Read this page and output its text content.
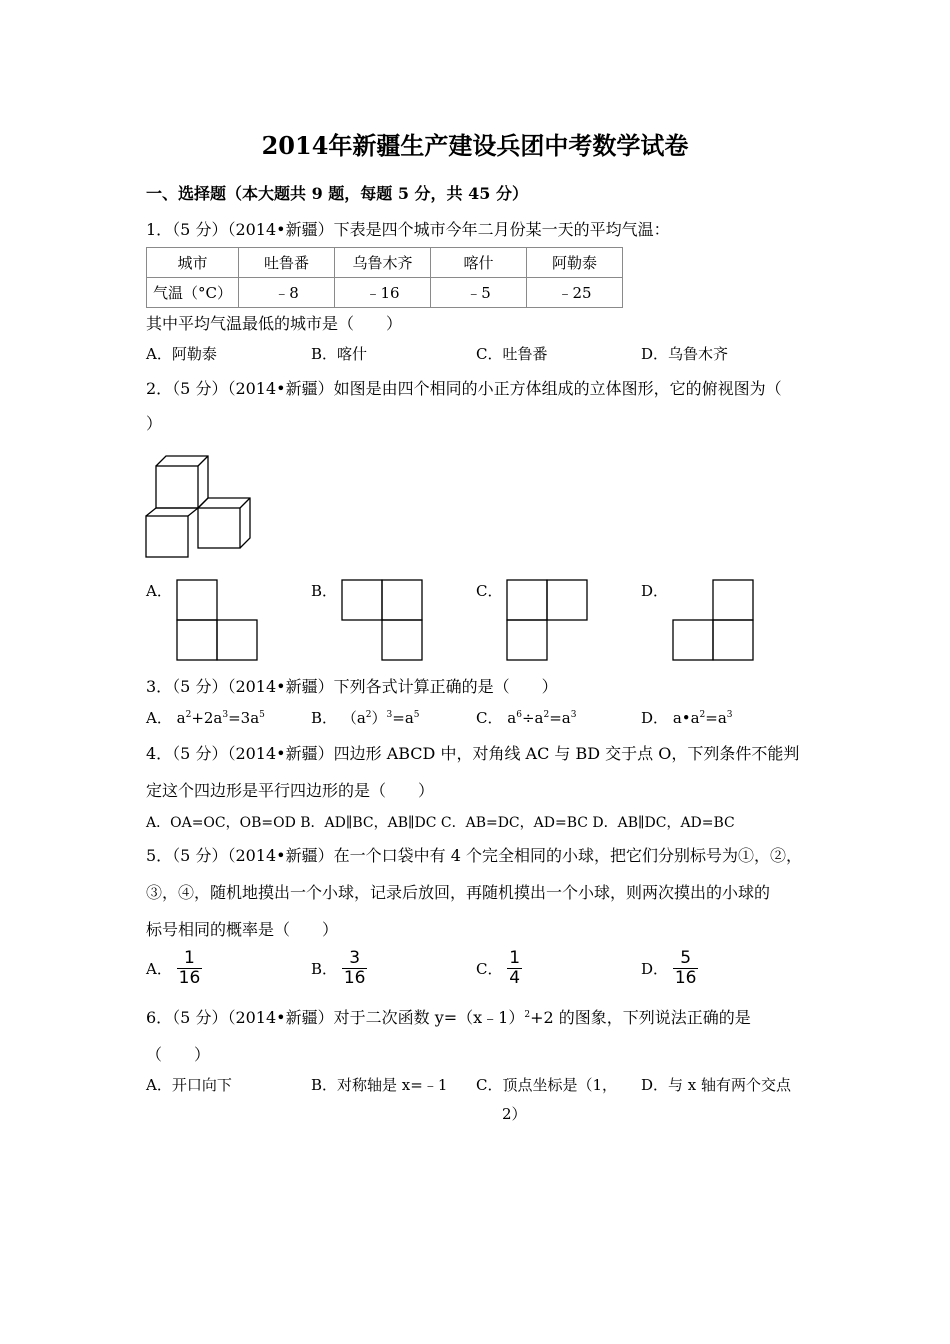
2014年新疆生产建设兵团中考数学试卷
一、选择题（本大题共 9 题，每题 5 分，共 45 分）
1．（5 分）（2014•新疆）下表是四个城市今年二月份某一天的平均气温：
城市	吐鲁番	乌鲁木齐	喀什	阿勒泰
气温（°C）	﹣8	﹣16	﹣5	﹣25
其中平均气温最低的城市是（　　）
A．阿勒泰	B．喀什	C．吐鲁番	D．乌鲁木齐
2．（5 分）（2014•新疆）如图是由四个相同的小正方体组成的立体图形，它的俯视图为（
）
A．	B．	C．	D．
3．（5 分）（2014•新疆）下列各式计算正确的是（　　）
A． $a^2+2a^3=3a^5$	B． $(a^2)^3=a^5$	C． $a^6\div a^2=a^3$	D． $a•a^2=a^3$
4．（5 分）（2014•新疆）四边形 ABCD 中，对角线 AC 与 BD 交于点 O，下列条件不能判
定这个四边形是平行四边形的是（　　）
A．OA=OC，OB=OD B．AD∥BC，AB∥DC C．AB=DC，AD=BC D．AB∥DC，AD=BC
5．（5 分）（2014•新疆）在一个口袋中有 4 个完全相同的小球，把它们分别标号为①，②，
③，④，随机地摸出一个小球，记录后放回，再随机摸出一个小球，则两次摸出的小球的
标号相同的概率是（　　）
A． $\frac{1}{16}$	B． $\frac{3}{16}$	C． $\frac{1}{4}$	D． $\frac{5}{16}$
6．（5 分）（2014•新疆）对于二次函数 y=（x﹣1）$^2$+2 的图象，下列说法正确的是
（　　）
A．开口向下	B．对称轴是 x=﹣1 C．顶点坐标是（1，
2）
D．与 x 轴有两个交点
